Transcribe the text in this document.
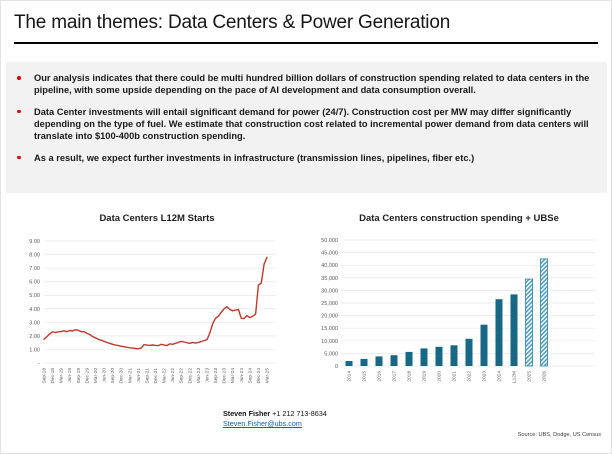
The main themes: Data Centers & Power Generation
Our analysis indicates that there could be multi hundred billion dollars of construction spending related to data centers in the pipeline, with some upside depending on the pace of AI development and data consumption overall.
Data Center investments will entail significant demand for power (24/7). Construction cost per MW may differ significantly depending on the type of fuel. We estimate that construction cost related to incremental power demand from data centers will translate into $100-400b construction spending.
As a result, we expect further investments in infrastructure (transmission lines, pipelines, fiber etc.)
Data Centers L12M Starts
9.00
8.00
7.00
6.00
5.00
4.00
3.00
2.00
1.00
-
Sep-18 Dec-18 Mar-19 Jun-19 Sep-19 Dec-19 Mar-20 Jun-20 Sep-20 Dec-20 Mar-21 Jun-21 Sep-21 Dec-21 Mar-22 Jun-22 Sep-22 Dec-22 Mar-23 Jun-23 Sep-23 Dec-23 Mar-24 Jun-24 Sep-24 Dec-24 Mar-25
Data Centers construction spending + UBSe
50,000
45,000
40,000
35,000
30,000
25,000
20,000
15,000
10,000
5,000
0
2014 2015 2016 2017 2018 2019 2020 2021 2022 2023 2024 L12M 2025 2026
Steven Fisher +1 212 713-8634
Steven.Fisher@ubs.com
Source: UBS, Dodge, US Census
